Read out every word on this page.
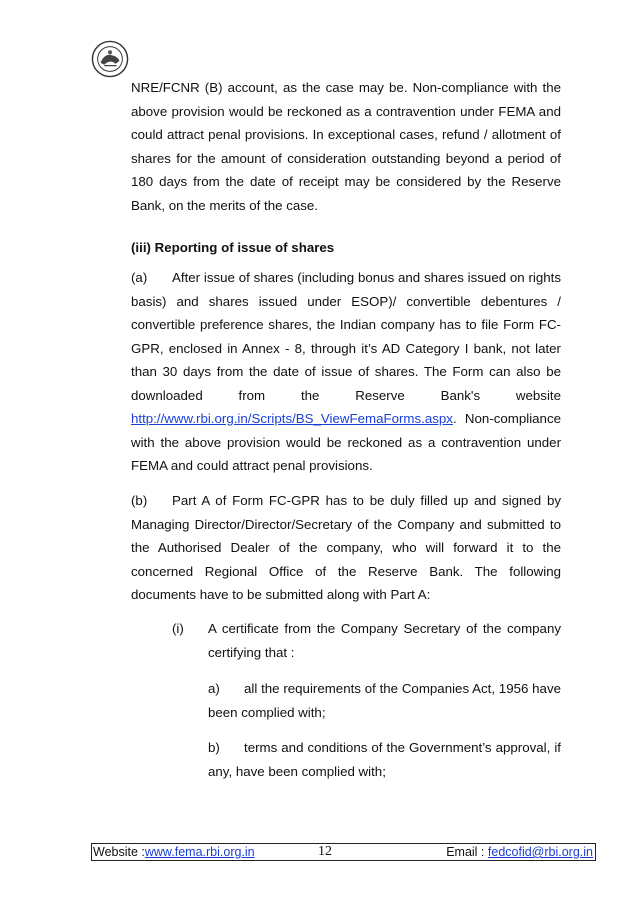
NRE/FCNR (B) account, as the case may be. Non-compliance with the above provision would be reckoned as a contravention under FEMA and could attract penal provisions. In exceptional cases, refund / allotment of shares for the amount of consideration outstanding beyond a period of 180 days from the date of receipt may be considered by the Reserve Bank, on the merits of the case.
(iii) Reporting of issue of shares
(a) After issue of shares (including bonus and shares issued on rights basis) and shares issued under ESOP)/ convertible debentures / convertible preference shares, the Indian company has to file Form FC-GPR, enclosed in Annex - 8, through it’s AD Category I bank, not later than 30 days from the date of issue of shares. The Form can also be downloaded from the Reserve Bank's website http://www.rbi.org.in/Scripts/BS_ViewFemaForms.aspx. Non-compliance with the above provision would be reckoned as a contravention under FEMA and could attract penal provisions.
(b) Part A of Form FC-GPR has to be duly filled up and signed by Managing Director/Director/Secretary of the Company and submitted to the Authorised Dealer of the company, who will forward it to the concerned Regional Office of the Reserve Bank. The following documents have to be submitted along with Part A:
(i)	A certificate from the Company Secretary of the company certifying that :
a)	all the requirements of the Companies Act, 1956 have been complied with;
b)	terms and conditions of the Government’s approval, if any, have been complied with;
Website :www.fema.rbi.org.in	12	Email : fedcofid@rbi.org.in
